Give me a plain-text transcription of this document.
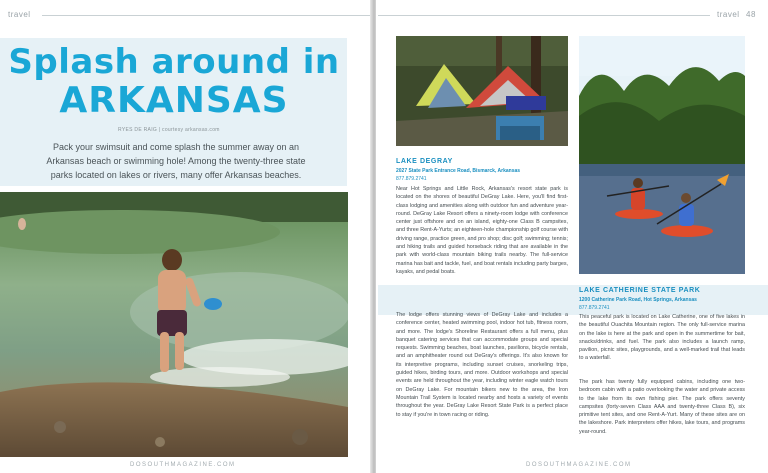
travel
Splash around in
ARKANSAS
RYES DE RAIG | courtesy arkansas.com
Pack your swimsuit and come splash the summer away on an Arkansas beach or swimming hole! Among the twenty-three state parks located on lakes or rivers, many offer Arkansas beaches.
DOSOUTHMAGAZINE.COM
travel 48
LAKE DEGRAY
2027 State Park Entrance Road, Bismarck, Arkansas
877.879.2741

Near Hot Springs and Little Rock, Arkansas's resort state park is located on the shores of beautiful DeGray Lake. Here, you'll find first-class lodging and amenities along with outdoor fun and adventure year-round. DeGray Lake Resort offers a ninety-room lodge with conference center just offshore and on an island, eighty-one Class B campsites, and three Rent-A-Yurts; an eighteen-hole championship golf course with driving range, practice green, and pro shop; disc golf; swimming; tennis; and hiking trails and guided horseback riding that are available in the park with world-class mountain biking trails nearby. The full-service marina has bait and tackle, fuel, and boat rentals including party barges, kayaks, and pedal boats.

The lodge offers stunning views of DeGray Lake and includes a conference center, heated swimming pool, indoor hot tub, fitness room, and more. The lodge's Shoreline Restaurant offers a full menu, plus banquet catering services that can accommodate groups and special requests. Swimming beaches, boat launches, pavilions, bicycle rentals, and an amphitheater round out DeGray's offerings. It's also known for its interpretive programs, including sunset cruises, snorkeling trips, guided hikes, birding tours, and more. Outdoor workshops and special events are held throughout the year, including winter eagle watch tours on DeGray Lake. For mountain bikers new to the area, the Iron Mountain Trail System is located nearby and hosts a variety of events throughout the year. DeGray Lake Resort State Park is a perfect place to stay if you're in town racing or riding.

LAKE CATHERINE STATE PARK
1200 Catherine Park Road, Hot Springs, Arkansas
877.879.2741

This peaceful park is located on Lake Catherine, one of five lakes in the beautiful Ouachita Mountain region. The only full-service marina on the lake is here at the park and open in the summertime for bait, snacks/drinks, and fuel. The park also includes a launch ramp, pavilion, picnic sites, playgrounds, and a well-marked trail that leads to a waterfall.

The park has twenty fully equipped cabins, including one two-bedroom cabin with a patio overlooking the water and private access to the lake from its own fishing pier. The park offers seventy campsites (forty-seven Class AAA and twenty-three Class B), six primitive tent sites, and one Rent-A-Yurt. Many of these sites are on the lakeshore. Park interpreters offer hikes, lake tours, and programs year-round.

DOSOUTHMAGAZINE.COM
